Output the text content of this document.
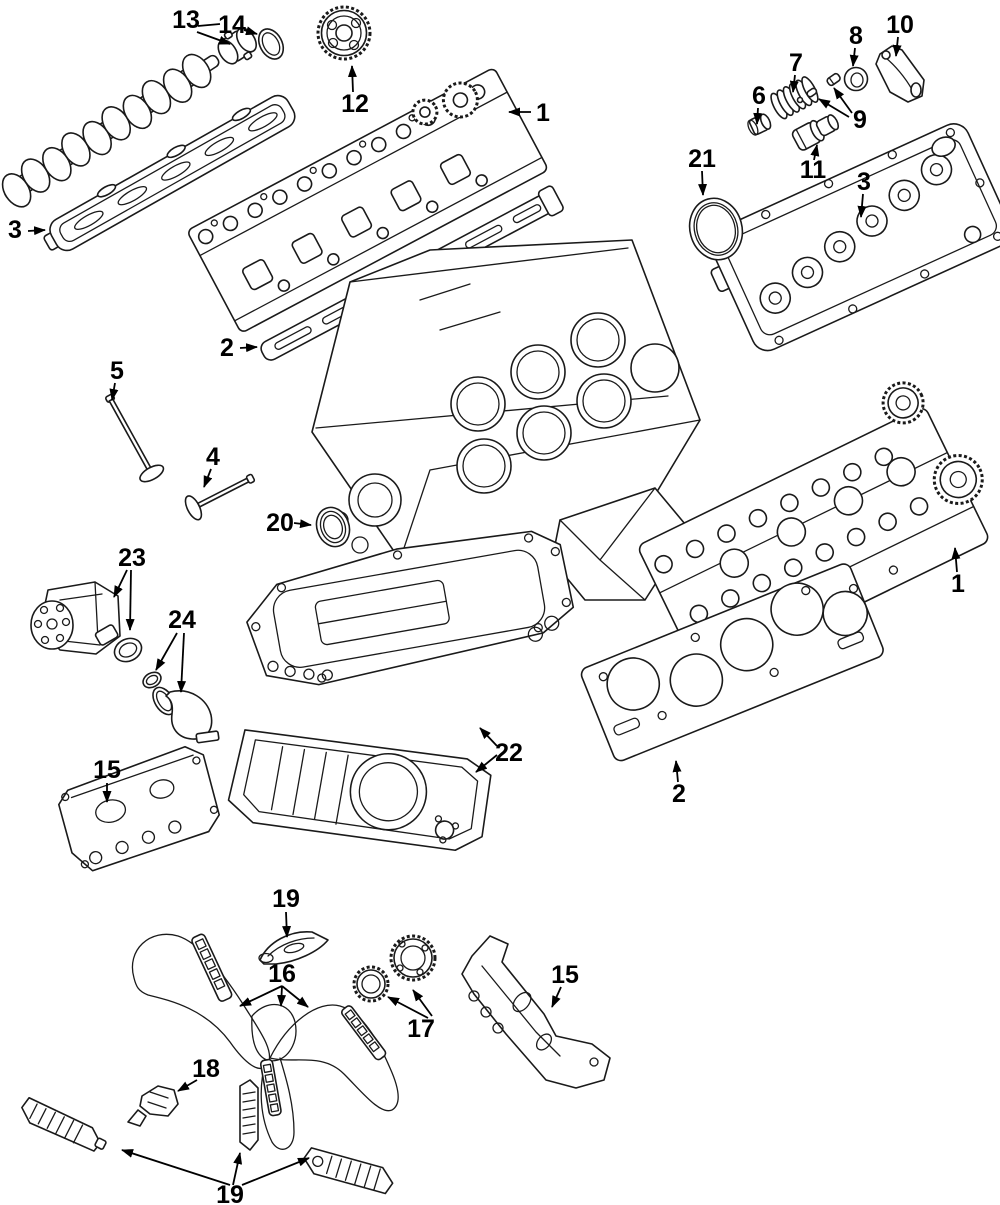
13 14
12
3
1
2
7
6
8 10
9
11
21
3
5
4
20
23
24
15
22
1
2
19
16
17
18
15
19
